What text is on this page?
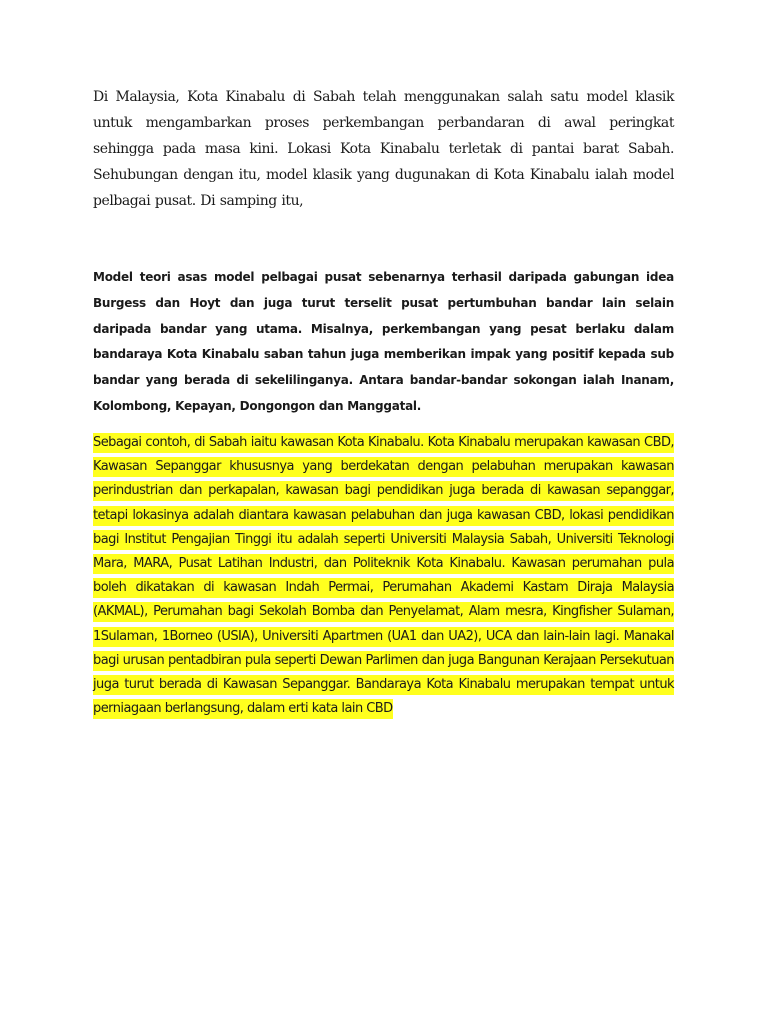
Di Malaysia, Kota Kinabalu di Sabah telah menggunakan salah satu model klasik untuk mengambarkan proses perkembangan perbandaran di awal peringkat sehingga pada masa kini. Lokasi Kota Kinabalu terletak di pantai barat Sabah. Sehubungan dengan itu, model klasik yang dugunakan di Kota Kinabalu ialah model pelbagai pusat. Di samping itu,

Model teori asas model pelbagai pusat sebenarnya terhasil daripada gabungan idea Burgess dan Hoyt dan juga turut terselit pusat pertumbuhan bandar lain selain daripada bandar yang utama. Misalnya, perkembangan yang pesat berlaku dalam bandaraya Kota Kinabalu saban tahun juga memberikan impak yang positif kepada sub bandar yang berada di sekelilinganya. Antara bandar-bandar sokongan ialah Inanam, Kolombong, Kepayan, Dongongon dan Manggatal.

Sebagai contoh, di Sabah iaitu kawasan Kota Kinabalu. Kota Kinabalu merupakan kawasan CBD, Kawasan Sepanggar khususnya yang berdekatan dengan pelabuhan merupakan kawasan perindustrian dan perkapalan, kawasan bagi pendidikan juga berada di kawasan sepanggar, tetapi lokasinya adalah diantara kawasan pelabuhan dan juga kawasan CBD, lokasi pendidikan bagi Institut Pengajian Tinggi itu adalah seperti Universiti Malaysia Sabah, Universiti Teknologi Mara, MARA, Pusat Latihan Industri, dan Politeknik Kota Kinabalu. Kawasan perumahan pula boleh dikatakan di kawasan Indah Permai, Perumahan Akademi Kastam Diraja Malaysia (AKMAL), Perumahan bagi Sekolah Bomba dan Penyelamat, Alam mesra, Kingfisher Sulaman, 1Sulaman, 1Borneo (USIA), Universiti Apartmen (UA1 dan UA2), UCA dan lain-lain lagi. Manakal bagi urusan pentadbiran pula seperti Dewan Parlimen dan juga Bangunan Kerajaan Persekutuan juga turut berada di Kawasan Sepanggar. Bandaraya Kota Kinabalu merupakan tempat untuk perniagaan berlangsung, dalam erti kata lain CBD
